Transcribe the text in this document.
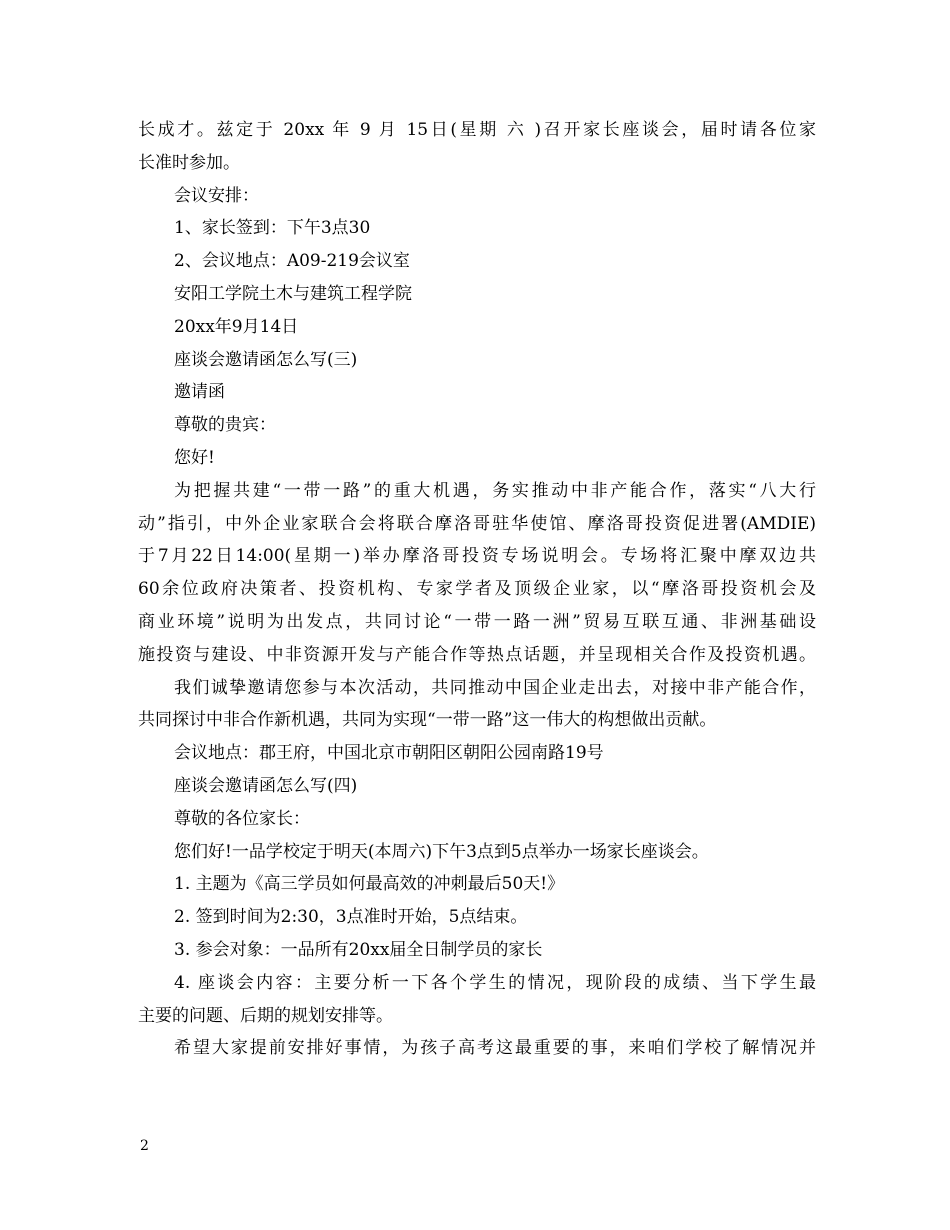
长成才。兹定于 20xx 年 9 月 15日(星期 六 )召开家长座谈会，届时请各位家

长准时参加。

会议安排：

1、家长签到：下午3点30

2、会议地点：A09-219会议室

安阳工学院土木与建筑工程学院

20xx年9月14日

座谈会邀请函怎么写(三)

邀请函

尊敬的贵宾：

您好!

为把握共建“一带一路”的重大机遇，务实推动中非产能合作，落实“八大行

动”指引，中外企业家联合会将联合摩洛哥驻华使馆、摩洛哥投资促进署(AMDIE)

于7月22日14:00(星期一)举办摩洛哥投资专场说明会。专场将汇聚中摩双边共

60余位政府决策者、投资机构、专家学者及顶级企业家，以“摩洛哥投资机会及

商业环境”说明为出发点，共同讨论“一带一路一洲”贸易互联互通、非洲基础设

施投资与建设、中非资源开发与产能合作等热点话题，并呈现相关合作及投资机遇。

我们诚挚邀请您参与本次活动，共同推动中国企业走出去，对接中非产能合作，

共同探讨中非合作新机遇，共同为实现“一带一路”这一伟大的构想做出贡献。

会议地点：郡王府，中国北京市朝阳区朝阳公园南路19号

座谈会邀请函怎么写(四)

尊敬的各位家长：

您们好!一品学校定于明天(本周六)下午3点到5点举办一场家长座谈会。

1. 主题为《高三学员如何最高效的冲刺最后50天!》

2. 签到时间为2:30，3点准时开始，5点结束。

3. 参会对象：一品所有20xx届全日制学员的家长

4. 座谈会内容：主要分析一下各个学生的情况，现阶段的成绩、当下学生最

主要的问题、后期的规划安排等。

希望大家提前安排好事情，为孩子高考这最重要的事，来咱们学校了解情况并

2
